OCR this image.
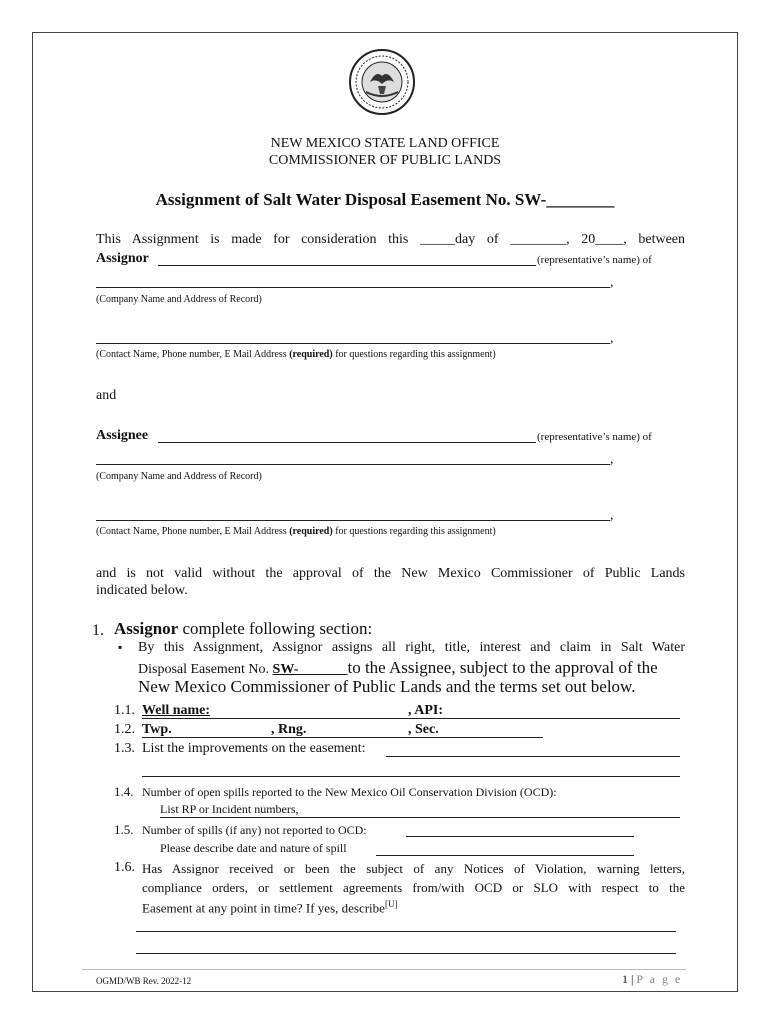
NEW MEXICO STATE LAND OFFICE
COMMISSIONER OF PUBLIC LANDS
Assignment of Salt Water Disposal Easement No. SW-________
This Assignment is made for consideration this _____day of ________, 20____, between
Assignor	(representative’s name) of
,
(Company Name and Address of Record)
,
(Contact Name, Phone number, E Mail Address (required) for questions regarding this assignment)
and
Assignee	(representative’s name) of
,
(Company Name and Address of Record)
,
(Contact Name, Phone number, E Mail Address (required) for questions regarding this assignment)
and is not valid without the approval of the New Mexico Commissioner of Public Lands
indicated below.
1. Assignor complete following section:
▪ By this Assignment, Assignor assigns all right, title, interest and claim in Salt Water
Disposal Easement No. SW-_______to the Assignee, subject to the approval of the
New Mexico Commissioner of Public Lands and the terms set out below.
1.1. Well name:	, API:
1.2. Twp.	, Rng.	, Sec.
1.3. List the improvements on the easement:
1.4. Number of open spills reported to the New Mexico Oil Conservation Division (OCD):
List RP or Incident numbers,
1.5. Number of spills (if any) not reported to OCD:
Please describe date and nature of spill
1.6. Has Assignor received or been the subject of any Notices of Violation, warning letters,
compliance orders, or settlement agreements from/with OCD or SLO with respect to the
Easement at any point in time? If yes, describe[U]
OGMD/WB Rev. 2022-12	1 | P a g e
